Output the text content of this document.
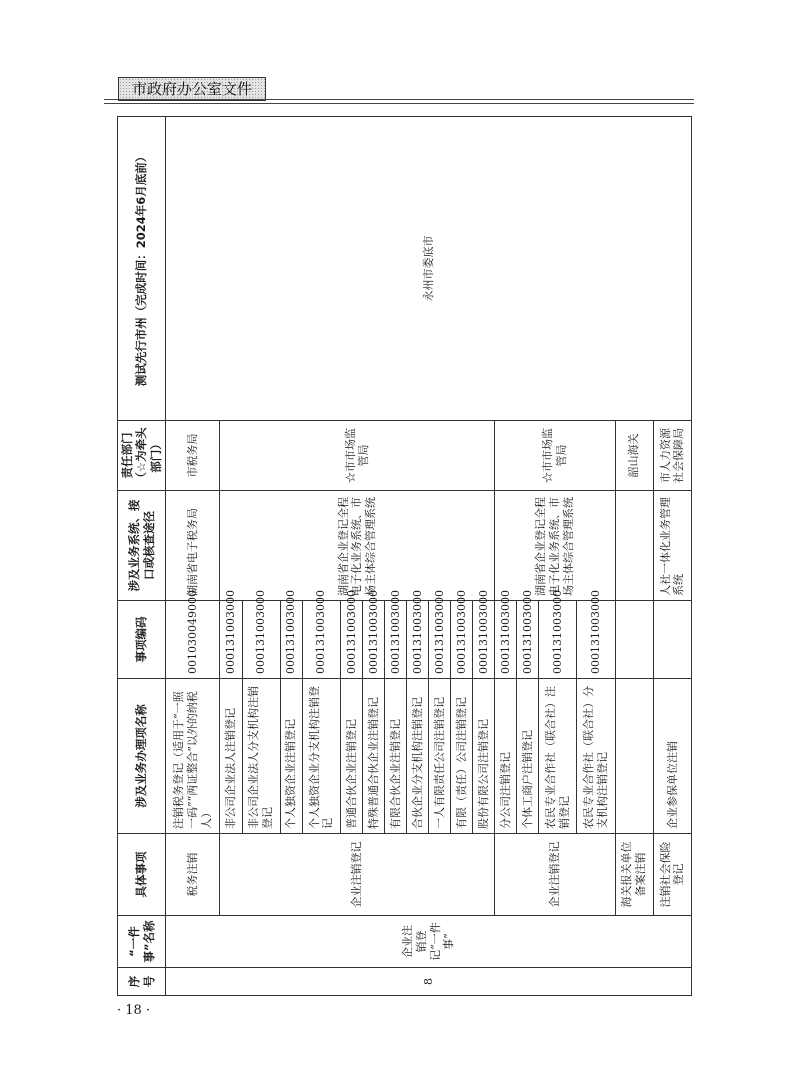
市政府办公室文件
序号	“一件事”名称	具体事项	涉及业务办理项名称	事项编码	涉及业务系统、接口或核查途径	责任部门（☆为牵头部门）	测试先行市州（完成时间：2024年6月底前）
8	企业注销登记“一件事”	税务注销	注销税务登记（适用于“一照一码”“两证整合”以外的纳税人）	001030049000	湖南省电子税务局	市税务局	永州市娄底市
		企业注销登记	非公司企业法人注销登记	000131003000	湖南省企业登记全程电子化业务系统、市场主体综合管理系统	☆市市场监管局	
			非公司企业法人分支机构注销登记	000131003000			
			个人独资企业注销登记	000131003000			
			个人独资企业分支机构注销登记	000131003000			
			普通合伙企业注销登记	000131003000			
			特殊普通合伙企业注销登记	000131003000			
			有限合伙企业注销登记	000131003000			
			合伙企业分支机构注销登记	000131003000			
			一人有限责任公司注销登记	000131003000			
			有限（责任）公司注销登记	000131003000			
			股份有限公司注销登记	000131003000			
		企业注销登记	分公司注销登记	000131003000	湖南省企业登记全程电子化业务系统、市场主体综合管理系统	☆市市场监管局	
			个体工商户注销登记	000131003000			
			农民专业合作社（联合社）注销登记	000131003000			
			农民专业合作社（联合社）分支机构注销登记	000131003000			
		海关报关单位备案注销				韶山海关	
		注销社会保险登记	企业参保单位注销		人社一体化业务管理系统	市人力资源社会保障局	
· 18 ·
